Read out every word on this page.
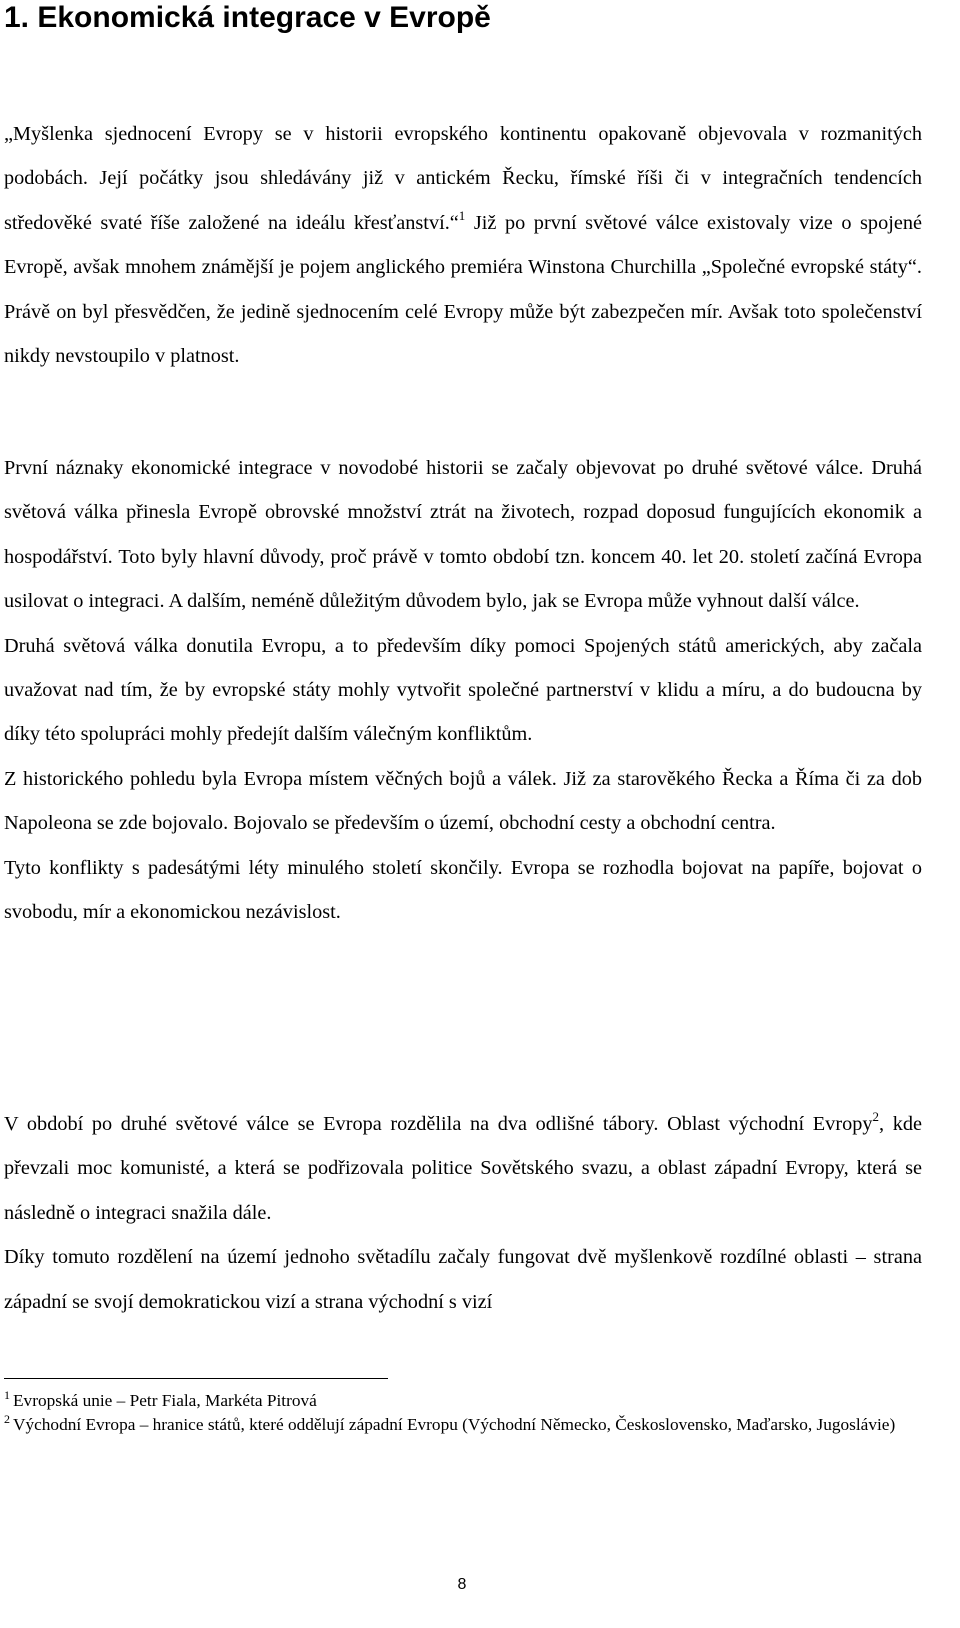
1. Ekonomická integrace v Evropě

„Myšlenka sjednocení Evropy se v historii evropského kontinentu opakovaně objevovala v rozmanitých podobách. Její počátky jsou shledávány již v antickém Řecku, římské říši či v integračních tendencích středověké svaté říše založené na ideálu křesťanství.“$^1$ Již po první světové válce existovaly vize o spojené Evropě, avšak mnohem známější je pojem anglického premiéra Winstona Churchilla „Společné evropské státy“. Právě on byl přesvědčen, že jedině sjednocením celé Evropy může být zabezpečen mír. Avšak toto společenství nikdy nevstoupilo v platnost.

První náznaky ekonomické integrace v novodobé historii se začaly objevovat po druhé světové válce. Druhá světová válka přinesla Evropě obrovské množství ztrát na životech, rozpad doposud fungujících ekonomik a hospodářství. Toto byly hlavní důvody, proč právě v tomto období tzn. koncem 40. let 20. století začíná Evropa usilovat o integraci. A dalším, neméně důležitým důvodem bylo, jak se Evropa může vyhnout další válce.
Druhá světová válka donutila Evropu, a to především díky pomoci Spojených států amerických, aby začala uvažovat nad tím, že by evropské státy mohly vytvořit společné partnerství v klidu a míru, a do budoucna by díky této spolupráci mohly předejít dalším válečným konfliktům.
Z historického pohledu byla Evropa místem věčných bojů a válek. Již za starověkého Řecka a Říma či za dob Napoleona se zde bojovalo. Bojovalo se především o území, obchodní cesty a obchodní centra.
Tyto konflikty s padesátými léty minulého století skončily. Evropa se rozhodla bojovat na papíře, bojovat o svobodu, mír a ekonomickou nezávislost.

V období po druhé světové válce se Evropa rozdělila na dva odlišné tábory. Oblast východní Evropy$^2$, kde převzali moc komunisté, a která se podřizovala politice Sovětského svazu, a oblast západní Evropy, která se následně o integraci snažila dále.
Díky tomuto rozdělení na území jednoho světadílu začaly fungovat dvě myšlenkově rozdílné oblasti – strana západní se svojí demokratickou vizí a strana východní s vizí

$^1$ Evropská unie – Petr Fiala, Markéta Pitrová

$^2$ Východní Evropa – hranice států, které oddělují západní Evropu (Východní Německo, Československo, Maďarsko, Jugoslávie)

8
